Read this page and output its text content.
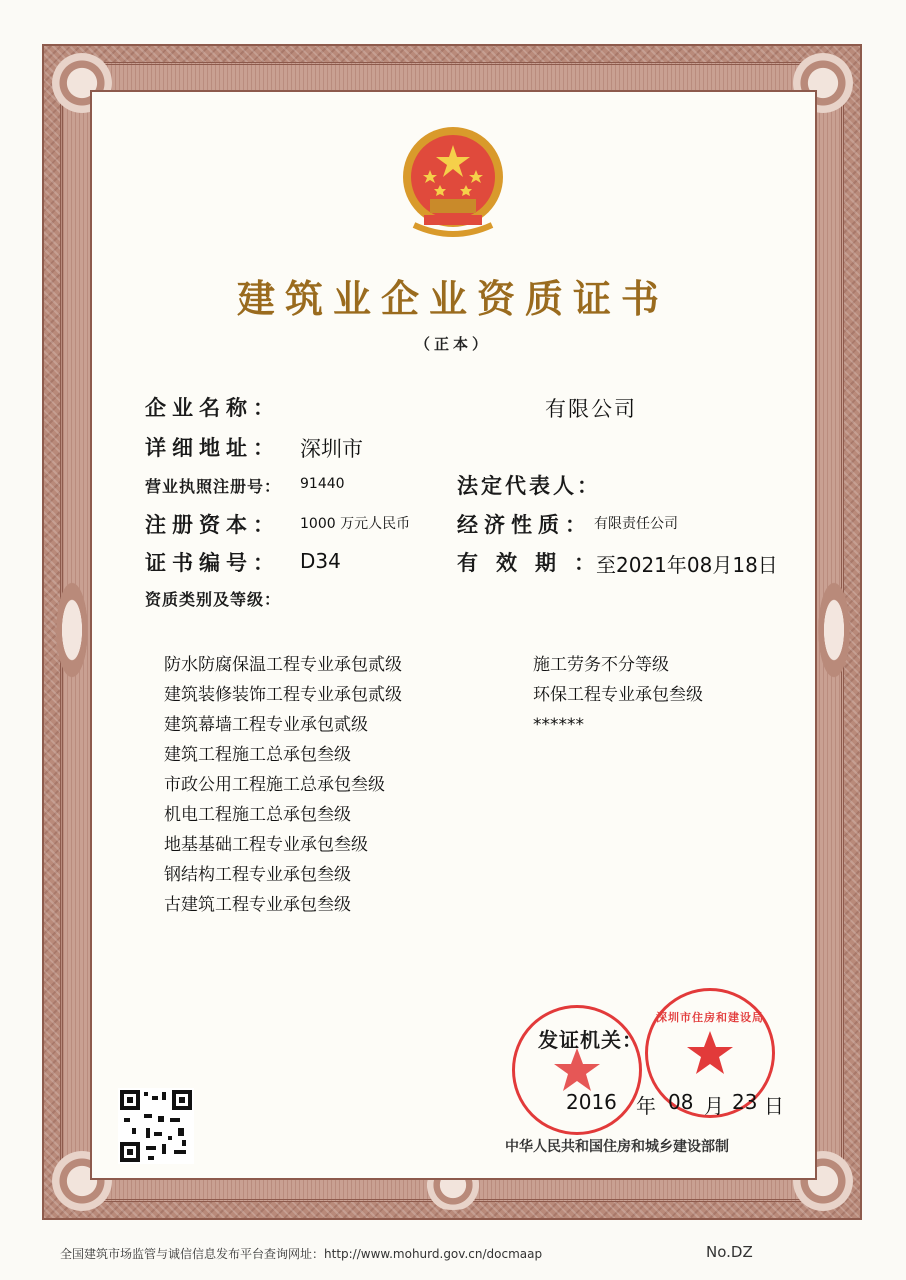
建筑业企业资质证书
（正本）
企业名称：	有限公司
详细地址： 深圳市
营业执照注册号： 91440	法定代表人：
注册资本： 1000 万元人民币 经济性质： 有限责任公司
证书编号： D34	有效期：
至2021年08月18日
资质类别及等级：
防水防腐保温工程专业承包贰级
建筑装修装饰工程专业承包贰级
建筑幕墙工程专业承包贰级
建筑工程施工总承包叁级
市政公用工程施工总承包叁级
机电工程施工总承包叁级
地基基础工程专业承包叁级
钢结构工程专业承包叁级
古建筑工程专业承包叁级
施工劳务不分等级
环保工程专业承包叁级
******
深圳市住房和建设局
发证机关：
2016 年 08 月 23 日
中华人民共和国住房和城乡建设部制
全国建筑市场监管与诚信信息发布平台查询网址：http://www.mohurd.gov.cn/docmaap	No.DZ
